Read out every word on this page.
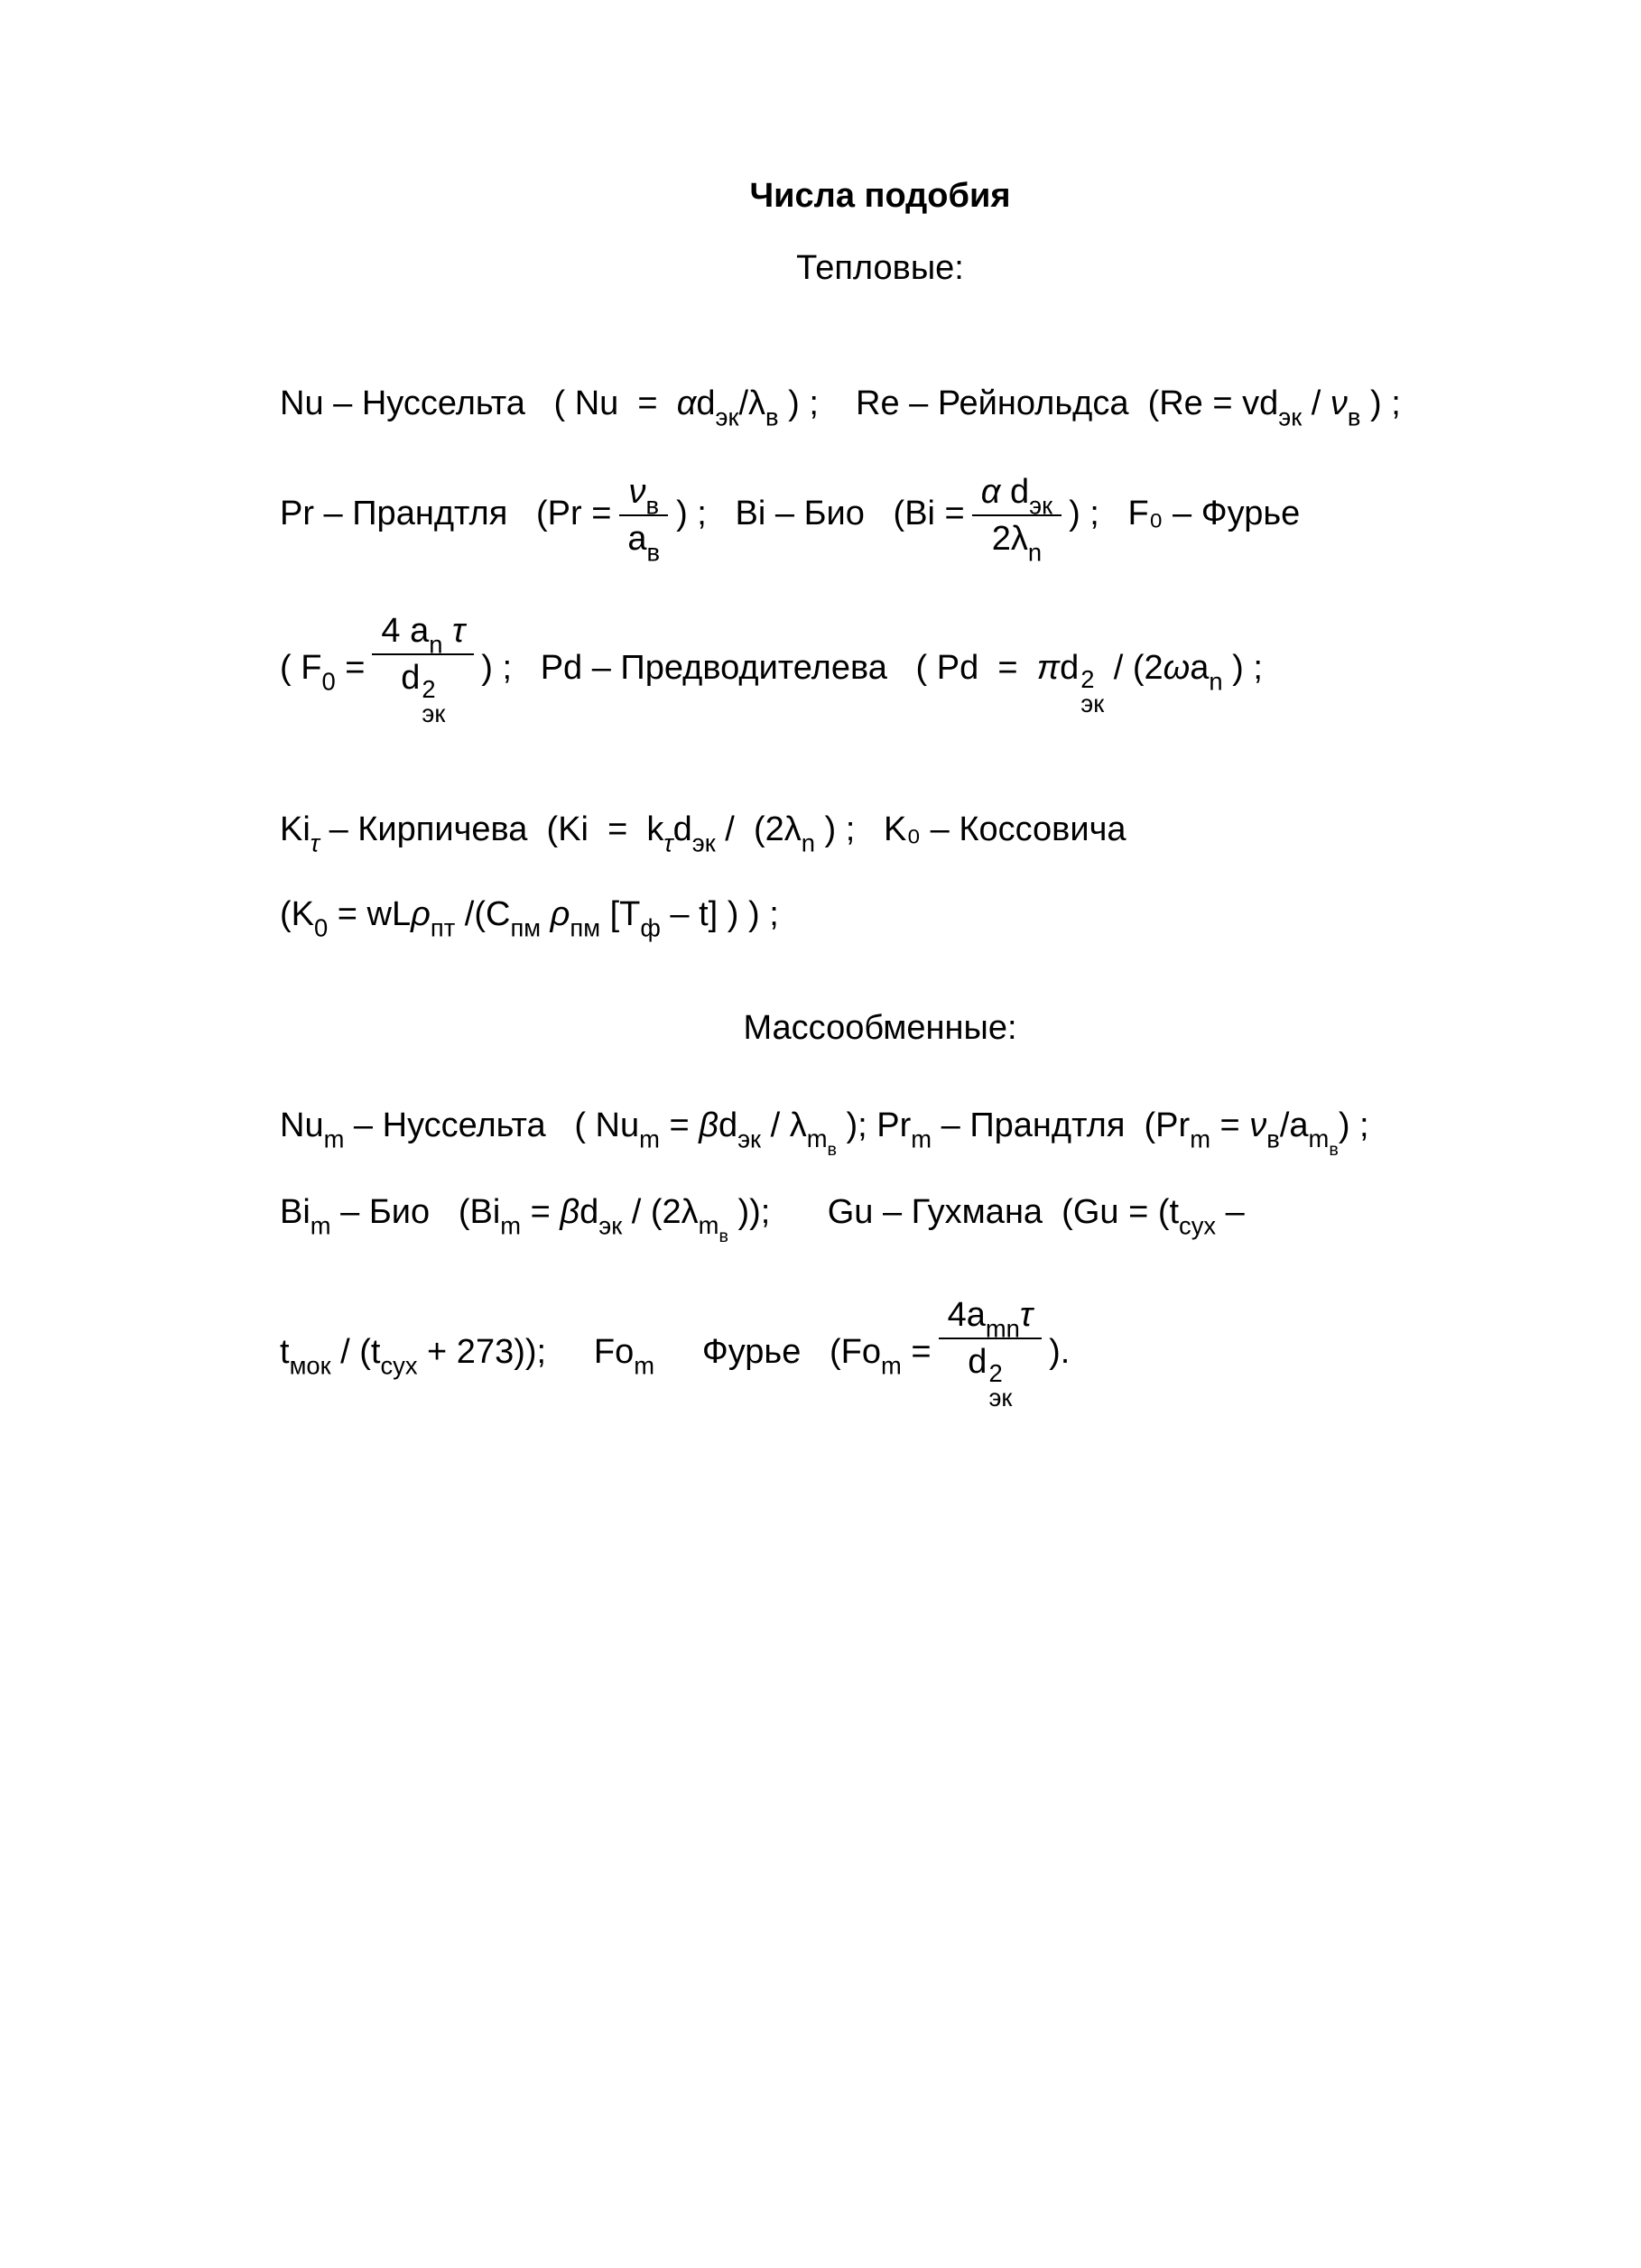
Числа подобия
Тепловые:
Nu – Нуссельта   ( $Nu = \alpha d_{эк}/\lambda_в$ ) ;  Re – Рейнольдса  ($Re = vd_{эк} / \nu_в$ ) ;
Pr – Прандтля   ($Pr = \frac{\nu_в}{a_в}$ ) ;   Bi – Био   ($Bi = \frac{\alpha d_{эк}}{2\lambda_n}$ ) ;   F₀ – Фурье
( $F_0 = 4$ $a_n$ τ
d 2
эк ) ;   Pd – Предводителева   ( Pd  =  πd 2
эк
/ ($2\omega a_n$ ) ;
$Ki_\tau$ – Кирпичева  ($Ki = k_\tau d_{эк} / (2\lambda_n$ ) ;   K₀ – Коссовича
($K_0 = wL\rho_{пт}$ $/(C_{пм}$ $\rho_{пм}$ $[T_ф - t]$ ) ) ;
Массообменные:
$Nu_m$ – Нуссельта   ( $Nu_m = \beta d_{эк} / \lambda_{m_в}$ ); $Pr_m$ – Прандтля  $(Pr_m = \nu_в/a_{m_в})$ ;
$Bi_m$ – Био   ($Bi_m = \beta d_{эк} / (2\lambda_{m_в}$ ));      Gu – Гухмана  ($Gu = (t_{сух}$ –
$t_{мок} / (t_{сух} + 273)$);     $Fo_m$ Фурье   ($Fo_m = 4a_{mn}\tau$
d 2
эк ).
